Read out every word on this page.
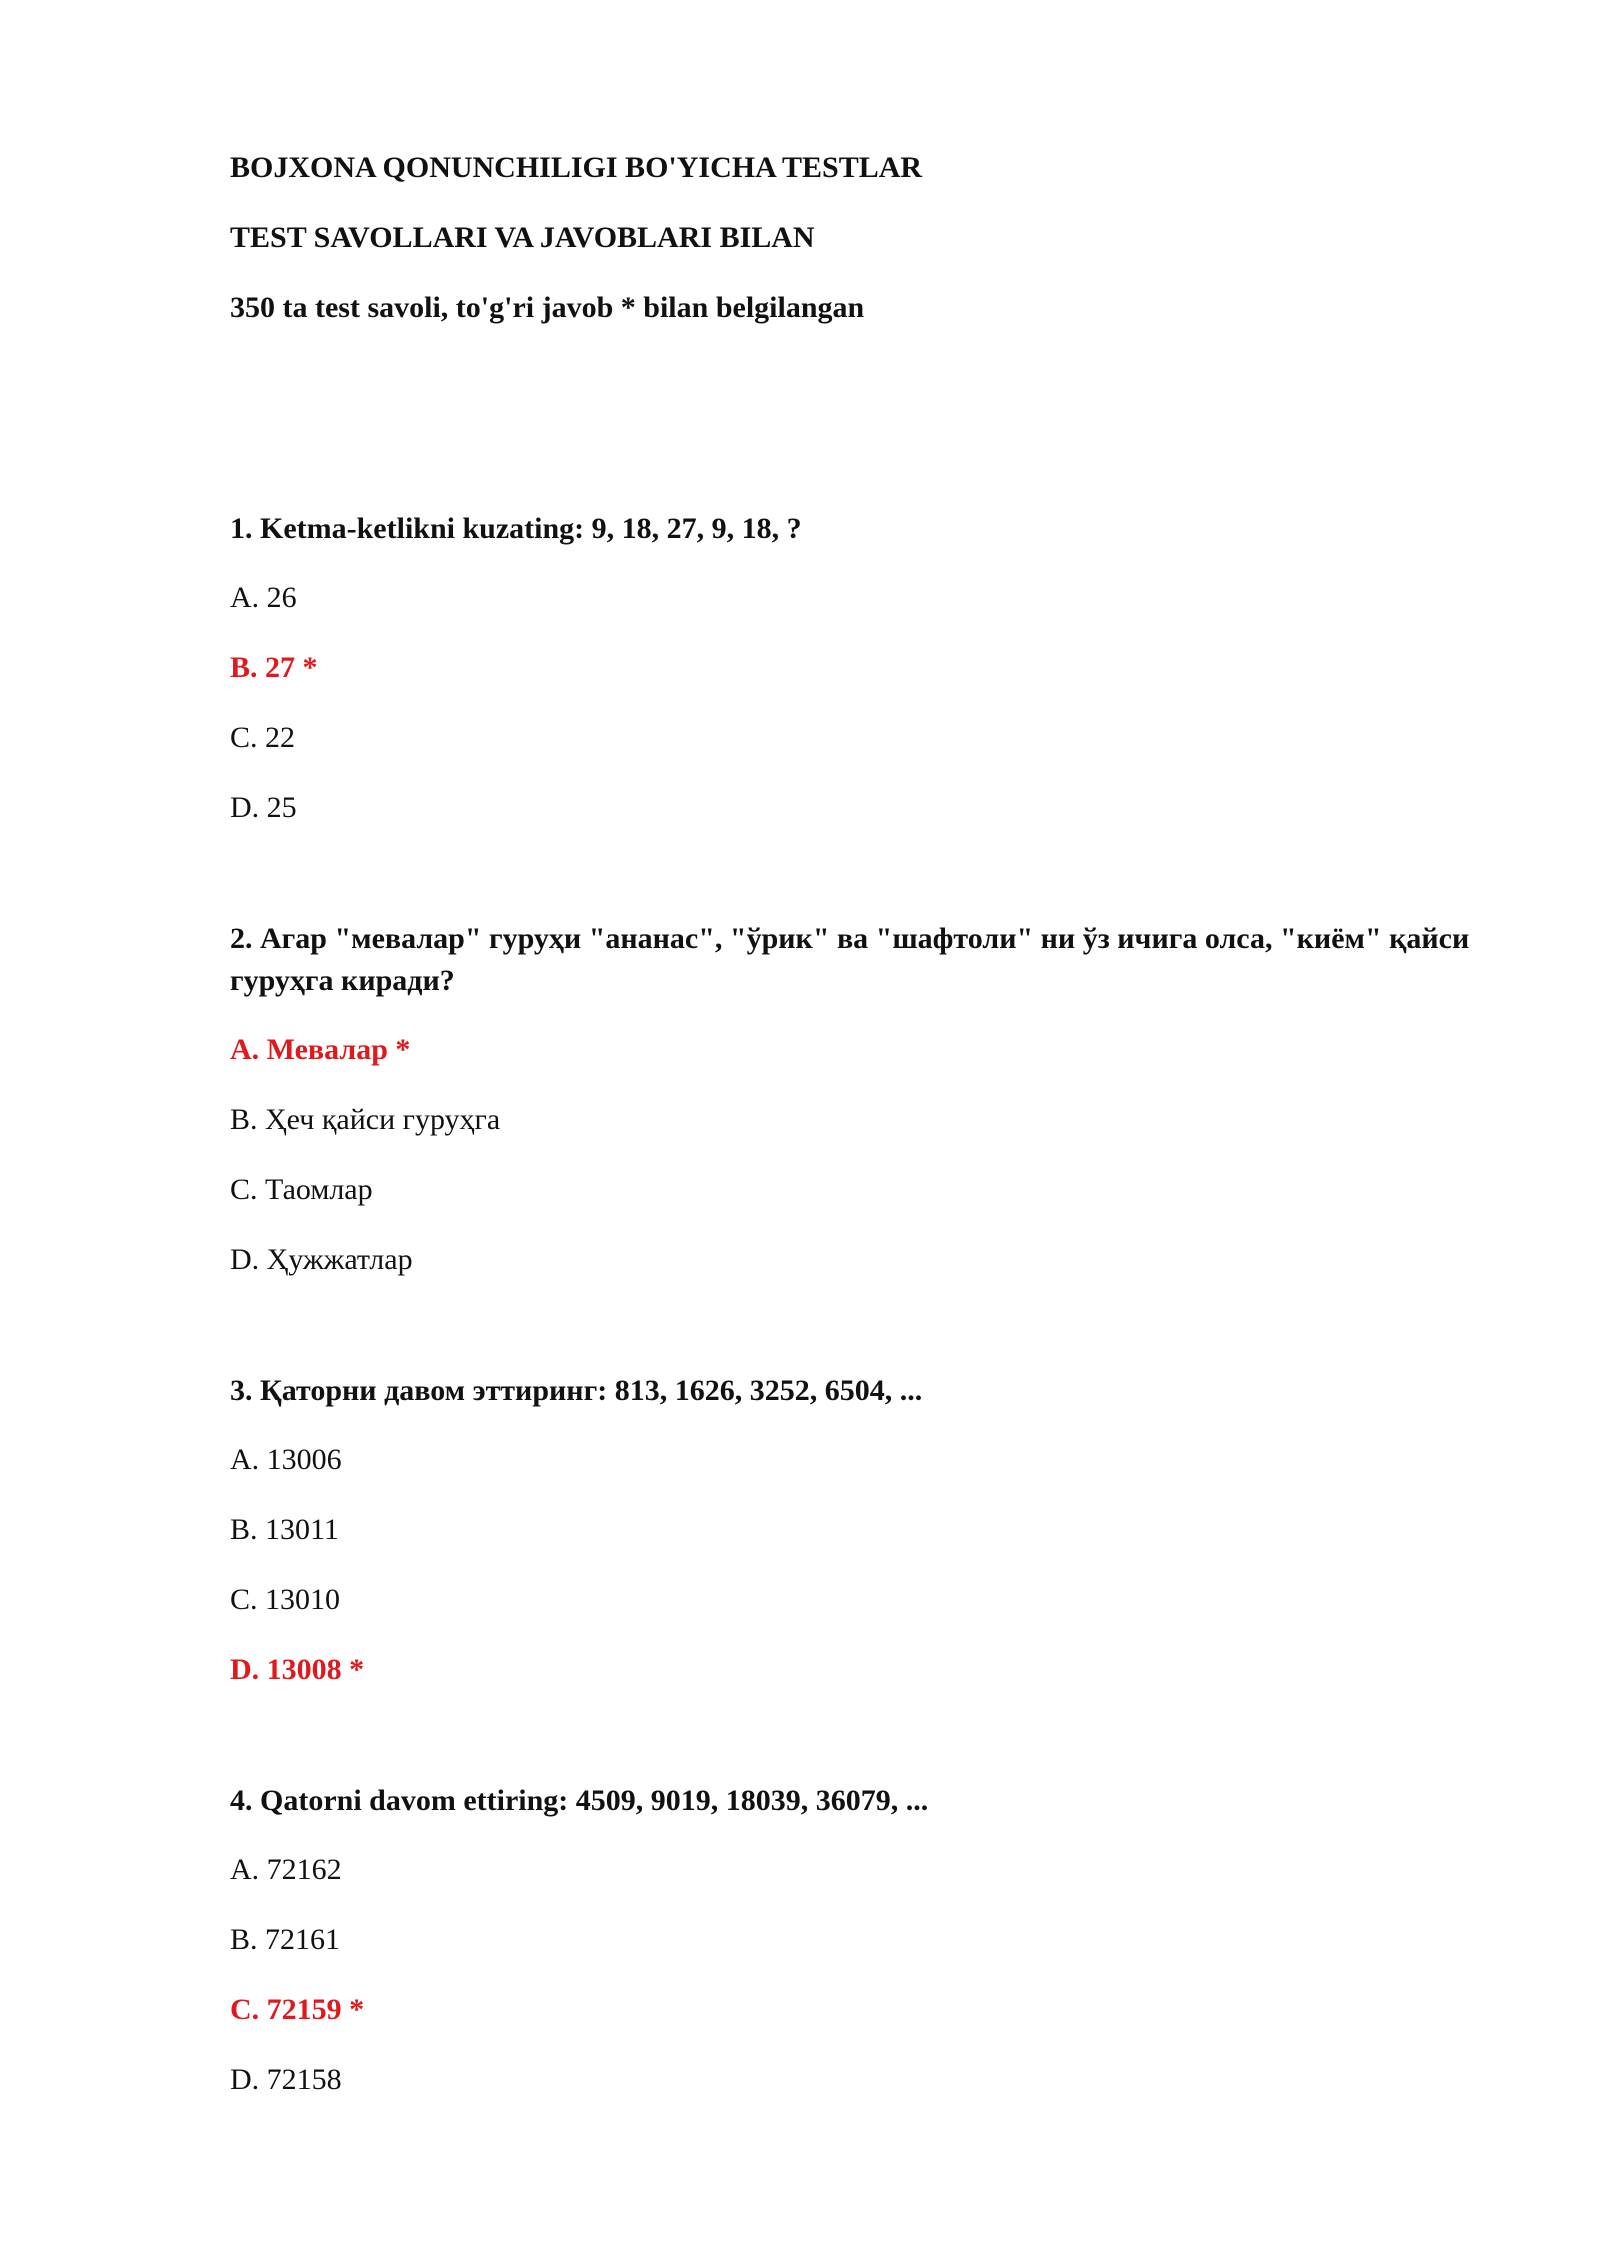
BOJXONA QONUNCHILIGI BO'YICHA TESTLAR
TEST SAVOLLARI VA JAVOBLARI BILAN
350 ta test savoli, to'g'ri javob * bilan belgilangan
1. Ketma-ketlikni kuzating: 9, 18, 27, 9, 18, ?
A. 26
B. 27 *
C. 22
D. 25
2. Агар "мевалар" гуруҳи "ананас", "ўрик" ва "шафтоли" ни ўз ичига олса, "киём" қайси гуруҳга киради?
A. Мевалар *
B. Ҳеч қайси гуруҳга
C. Таомлар
D. Ҳужжатлар
3. Қаторни давом эттиринг: 813, 1626, 3252, 6504, ...
A. 13006
B. 13011
C. 13010
D. 13008 *
4. Qatorni davom ettiring: 4509, 9019, 18039, 36079, ...
A. 72162
B. 72161
C. 72159 *
D. 72158
